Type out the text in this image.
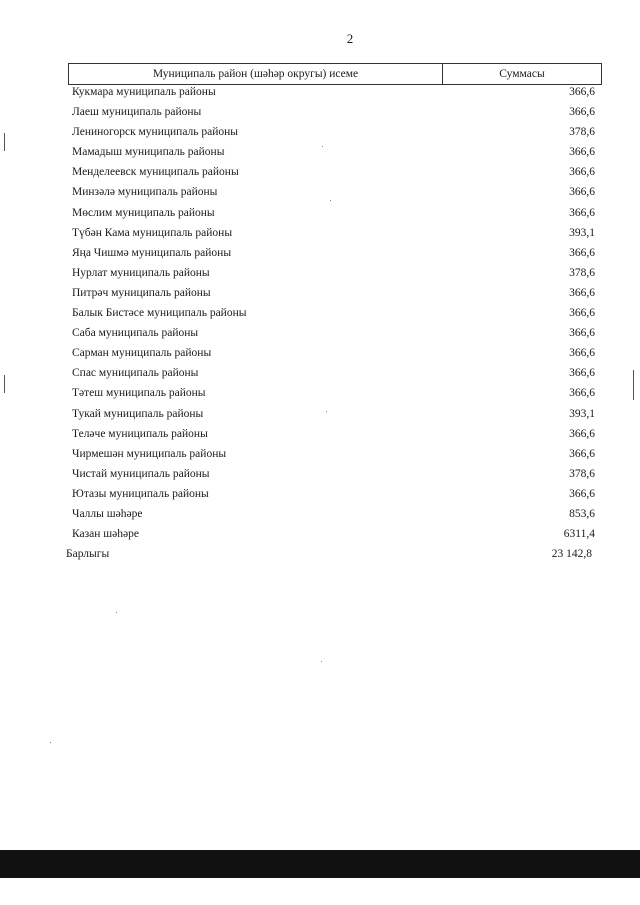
2
Муниципаль район (шәһәр округы) исеме	Суммасы
Кукмара муниципаль районы	366,6
Лаеш муниципаль районы	366,6
Лениногорск муниципаль районы	378,6
Мамадыш муниципаль районы	366,6
Менделеевск муниципаль районы	366,6
Минзәлә муниципаль районы	366,6
Мөслим муниципаль районы	366,6
Түбән Кама муниципаль районы	393,1
Яңа Чишмә муниципаль районы	366,6
Нурлат муниципаль районы	378,6
Питрәч муниципаль районы	366,6
Балык Бистәсе муниципаль районы	366,6
Саба муниципаль районы	366,6
Сарман муниципаль районы	366,6
Спас муниципаль районы	366,6
Тәтеш муниципаль районы	366,6
Тукай муниципаль районы	393,1
Теләче муниципаль районы	366,6
Чирмешән муниципаль районы	366,6
Чистай муниципаль районы	378,6
Ютазы муниципаль районы	366,6
Чаллы шәһәре	853,6
Казан шәһәре	6311,4
Барлыгы	23 142,8
